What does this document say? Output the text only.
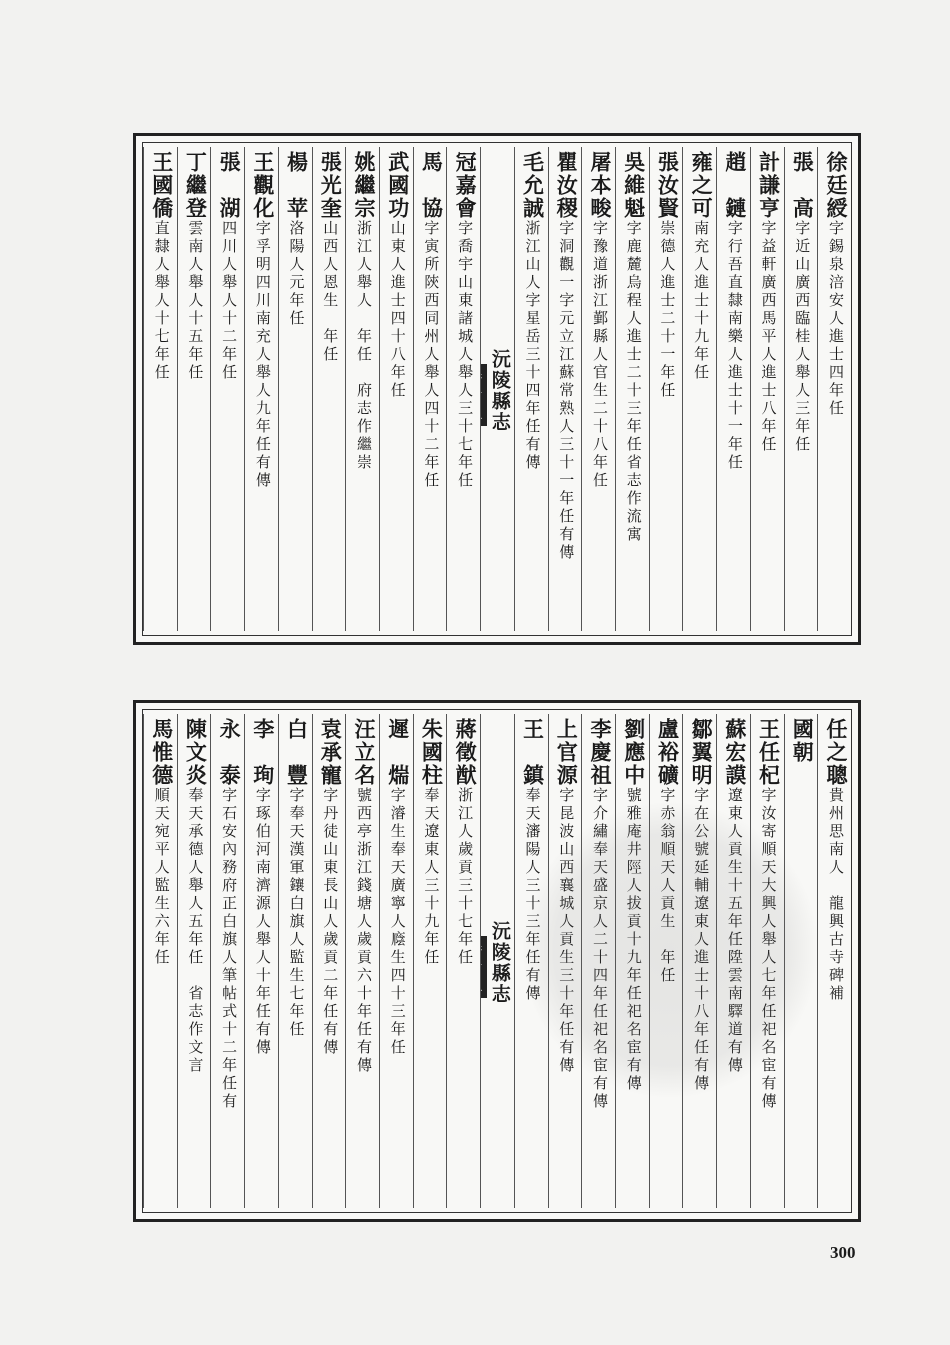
徐廷綬字錫泉涪安人進士四年任
張　高字近山廣西臨桂人舉人三年任
計謙亨字益軒廣西馬平人進士八年任
趙　鏈字行吾直隸南樂人進士十一年任
雍之可南充人進士十九年任
張汝賢崇德人進士二十一年任
吳維魁字鹿麓烏程人進士二十三年任省志作流寓
屠本畯字豫道浙江鄞縣人官生二十八年任
瞿汝稷字洞觀一字元立江蘇常熟人三十一年任有傳
毛允誠浙江山人字星岳三十四年任有傳
沅陵縣志
卷十八
冠嘉會字喬宇山東諸城人舉人三十七年任
馬　協字寅所陝西同州人舉人四十二年任
武國功山東人進士四十八年任
姚繼宗浙江人舉人　年任　府志作繼崇
張光奎山西人恩生　年任
楊　苹洛陽人元年任
王觀化字孚明四川南充人舉人九年任有傳
張　湖四川人舉人十二年任
丁繼登雲南人舉人十五年任
王國僑直隸人舉人十七年任
任之聰貴州思南人　龍興古寺碑補
國朝
王任杞字汝寄順天大興人舉人七年任祀名宦有傳
蘇宏謨遼東人貢生十五年任陞雲南驛道有傳
鄒翼明字在公號延輔遼東人進士十八年任有傳
盧裕礦字赤翁順天人貢生　年任
劉應中號雅庵井陘人拔貢十九年任祀名宦有傳
李慶祖字介繡奉天盛京人二十四年任祀名宦有傳
上官源字昆波山西襄城人貢生三十年任有傳
王　鎮奉天瀋陽人三十三年任有傳
沅陵縣志
卷十八
蔣徵猷浙江人歲貢三十七年任
朱國柱奉天遼東人三十九年任
遲　煓字濬生奉天廣寧人廕生四十三年任
汪立名號西亭浙江錢塘人歲貢六十年任有傳
袁承寵字丹徒山東長山人歲貢二年任有傳
白　豐字奉天漢軍鑲白旗人監生七年任
李　珣字琢伯河南濟源人舉人十年任有傳
永　泰字石安內務府正白旗人筆帖式十二年任有
陳文炎奉天承德人舉人五年任　省志作文言
馬惟德順天宛平人監生六年任
300
